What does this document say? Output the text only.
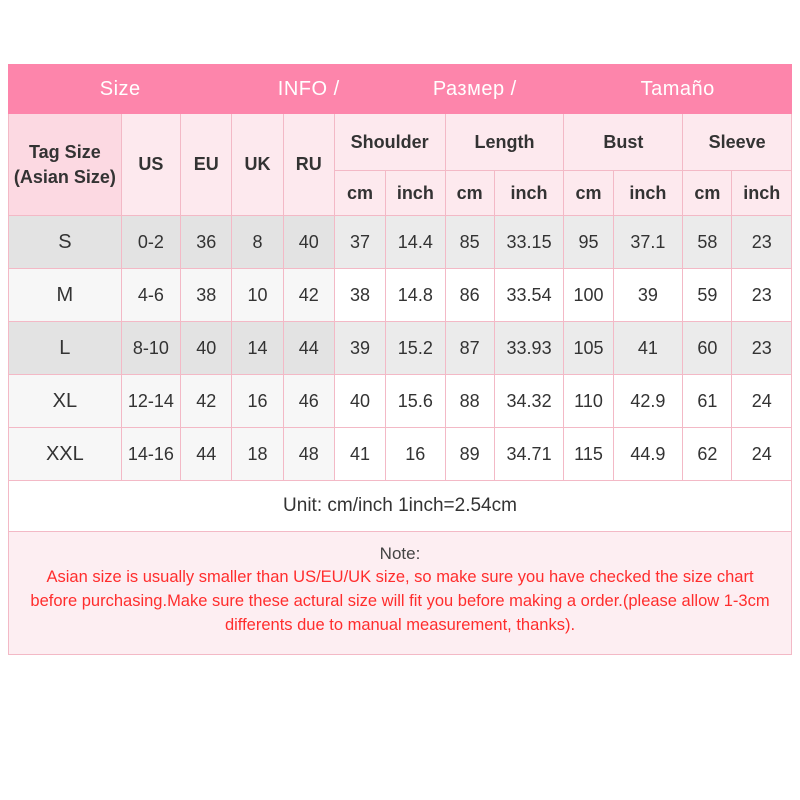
Size			INFO /			Размер /			Tamaño			
Tag Size (Asian Size)	US	EU	UK	RU	Shoulder		Length		Bust		Sleeve	
					cm	inch	cm	inch	cm	inch	cm	inch
S	0-2	36	8	40	37	14.4	85	33.15	95	37.1	58	23
M	4-6	38	10	42	38	14.8	86	33.54	100	39	59	23
L	8-10	40	14	44	39	15.2	87	33.93	105	41	60	23
XL	12-14	42	16	46	40	15.6	88	34.32	110	42.9	61	24
XXL	14-16	44	18	48	41	16	89	34.71	115	44.9	62	24
Unit: cm/inch 1inch=2.54cm												

Note:
Asian size is usually smaller than US/EU/UK size, so make sure you have checked the size chart before purchasing.Make sure these actural size will fit you before making a order.(please allow 1-3cm differents due to manual measurement, thanks).												
